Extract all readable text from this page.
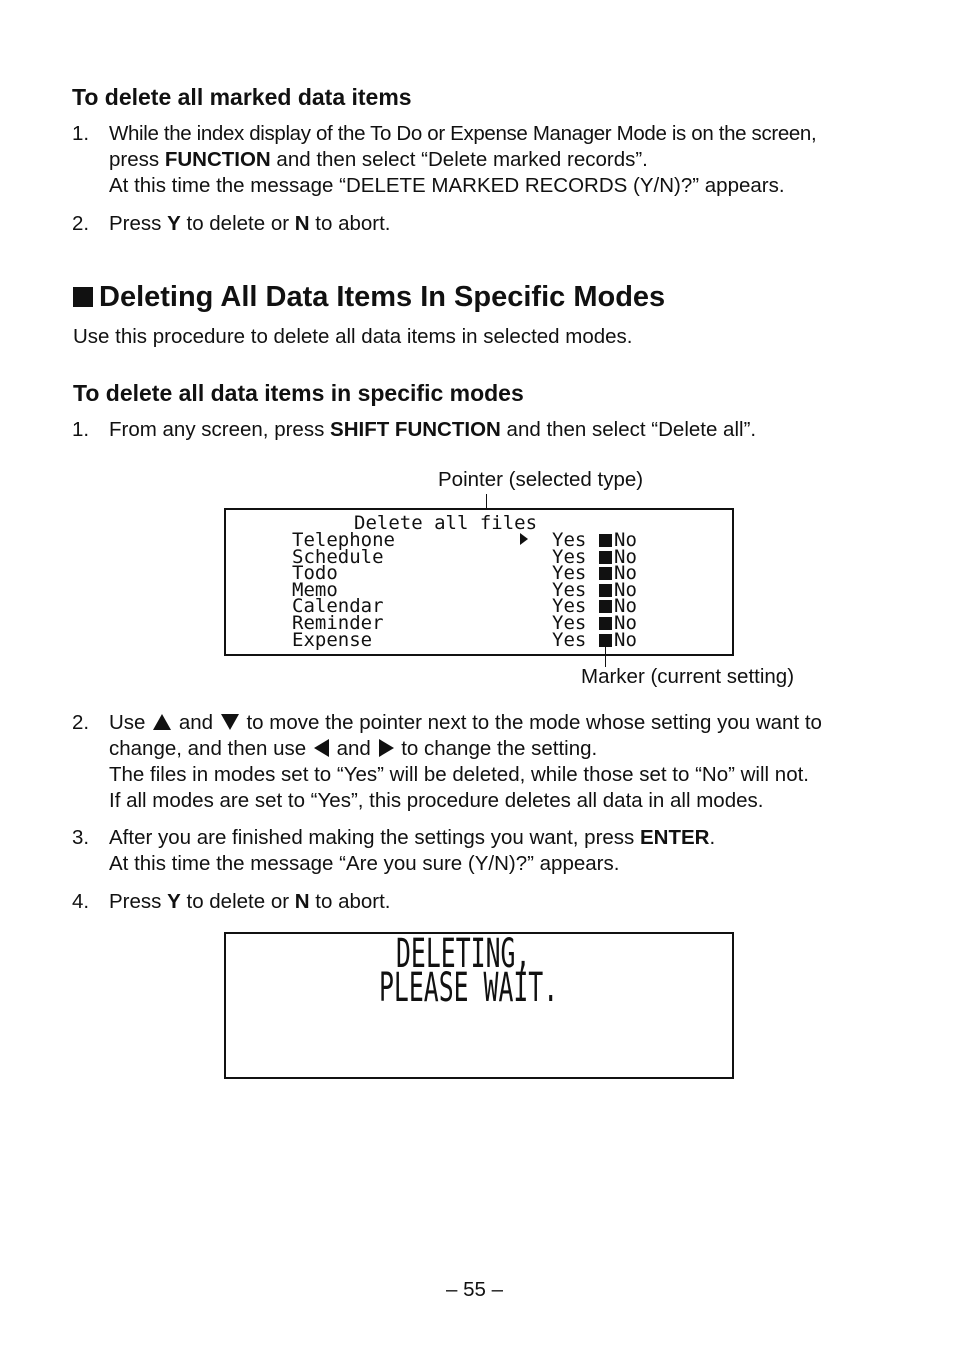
To delete all marked data items
1. While the index display of the To Do or Expense Manager Mode is on the screen,
press FUNCTION and then select “Delete marked records”.
At this time the message “DELETE MARKED RECORDS (Y/N)?” appears.
2. Press Y to delete or N to abort.
Deleting All Data Items In Specific Modes
Use this procedure to delete all data items in selected modes.
To delete all data items in specific modes
1. From any screen, press SHIFT FUNCTION and then select “Delete all”.
Pointer (selected type)
Delete all files
Telephone	Yes No
Schedule	Yes No
Todo	Yes No
Memo	Yes No
Calendar	Yes No
Reminder	Yes No
Expense	Yes No
Marker (current setting)
2. Use  and  to move the pointer next to the mode whose setting you want to
change, and then use  and  to change the setting.
The files in modes set to “Yes” will be deleted, while those set to “No” will not.
If all modes are set to “Yes”, this procedure deletes all data in all modes.
3. After you are finished making the settings you want, press ENTER.
At this time the message “Are you sure (Y/N)?” appears.
4. Press Y to delete or N to abort.
DELETING,
PLEASE WAIT.
– 55 –
